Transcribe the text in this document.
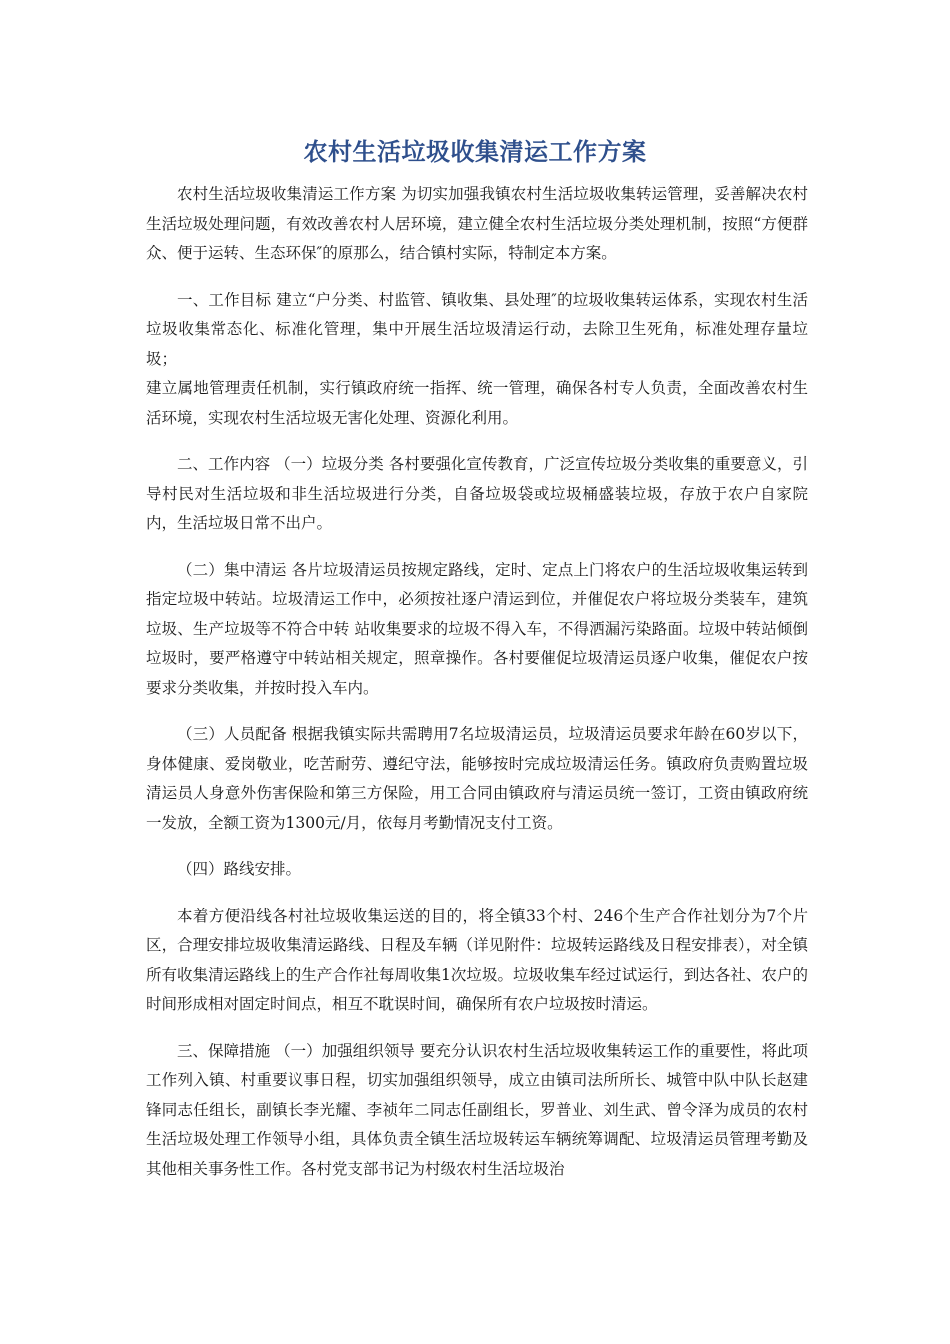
农村生活垃圾收集清运工作方案

农村生活垃圾收集清运工作方案 为切实加强我镇农村生活垃圾收集转运管理，妥善解决农村生活垃圾处理问题，有效改善农村人居环境，建立健全农村生活垃圾分类处理机制，按照“方便群众、便于运转、生态环保″的原那么，结合镇村实际，特制定本方案。

一、工作目标 建立“户分类、村监管、镇收集、县处理″的垃圾收集转运体系，实现农村生活垃圾收集常态化、标准化管理，集中开展生活垃圾清运行动，去除卫生死角，标准处理存量垃圾；

建立属地管理责任机制，实行镇政府统一指挥、统一管理，确保各村专人负责，全面改善农村生活环境，实现农村生活垃圾无害化处理、资源化利用。

二、工作内容 （一）垃圾分类 各村要强化宣传教育，广泛宣传垃圾分类收集的重要意义，引导村民对生活垃圾和非生活垃圾进行分类，自备垃圾袋或垃圾桶盛装垃圾，存放于农户自家院内，生活垃圾日常不出户。

（二）集中清运 各片垃圾清运员按规定路线，定时、定点上门将农户的生活垃圾收集运转到指定垃圾中转站。垃圾清运工作中，必须按社逐户清运到位，并催促农户将垃圾分类装车，建筑垃圾、生产垃圾等不符合中转 站收集要求的垃圾不得入车，不得洒漏污染路面。垃圾中转站倾倒垃圾时，要严格遵守中转站相关规定，照章操作。各村要催促垃圾清运员逐户收集，催促农户按要求分类收集，并按时投入车内。

（三）人员配备 根据我镇实际共需聘用7名垃圾清运员，垃圾清运员要求年龄在60岁以下，身体健康、爱岗敬业，吃苦耐劳、遵纪守法，能够按时完成垃圾清运任务。镇政府负责购置垃圾清运员人身意外伤害保险和第三方保险，用工合同由镇政府与清运员统一签订，工资由镇政府统一发放，全额工资为1300元/月，依每月考勤情况支付工资。

（四）路线安排。

本着方便沿线各村社垃圾收集运送的目的，将全镇33个村、246个生产合作社划分为7个片区，合理安排垃圾收集清运路线、日程及车辆（详见附件：垃圾转运路线及日程安排表），对全镇所有收集清运路线上的生产合作社每周收集1次垃圾。垃圾收集车经过试运行，到达各社、农户的时间形成相对固定时间点，相互不耽误时间，确保所有农户垃圾按时清运。

三、保障措施 （一）加强组织领导 要充分认识农村生活垃圾收集转运工作的重要性，将此项工作列入镇、村重要议事日程，切实加强组织领导，成立由镇司法所所长、城管中队中队长赵建锋同志任组长，副镇长李光耀、李祯年二同志任副组长，罗普业、刘生武、曾令泽为成员的农村生活垃圾处理工作领导小组，具体负责全镇生活垃圾转运车辆统筹调配、垃圾清运员管理考勤及其他相关事务性工作。各村党支部书记为村级农村生活垃圾治
